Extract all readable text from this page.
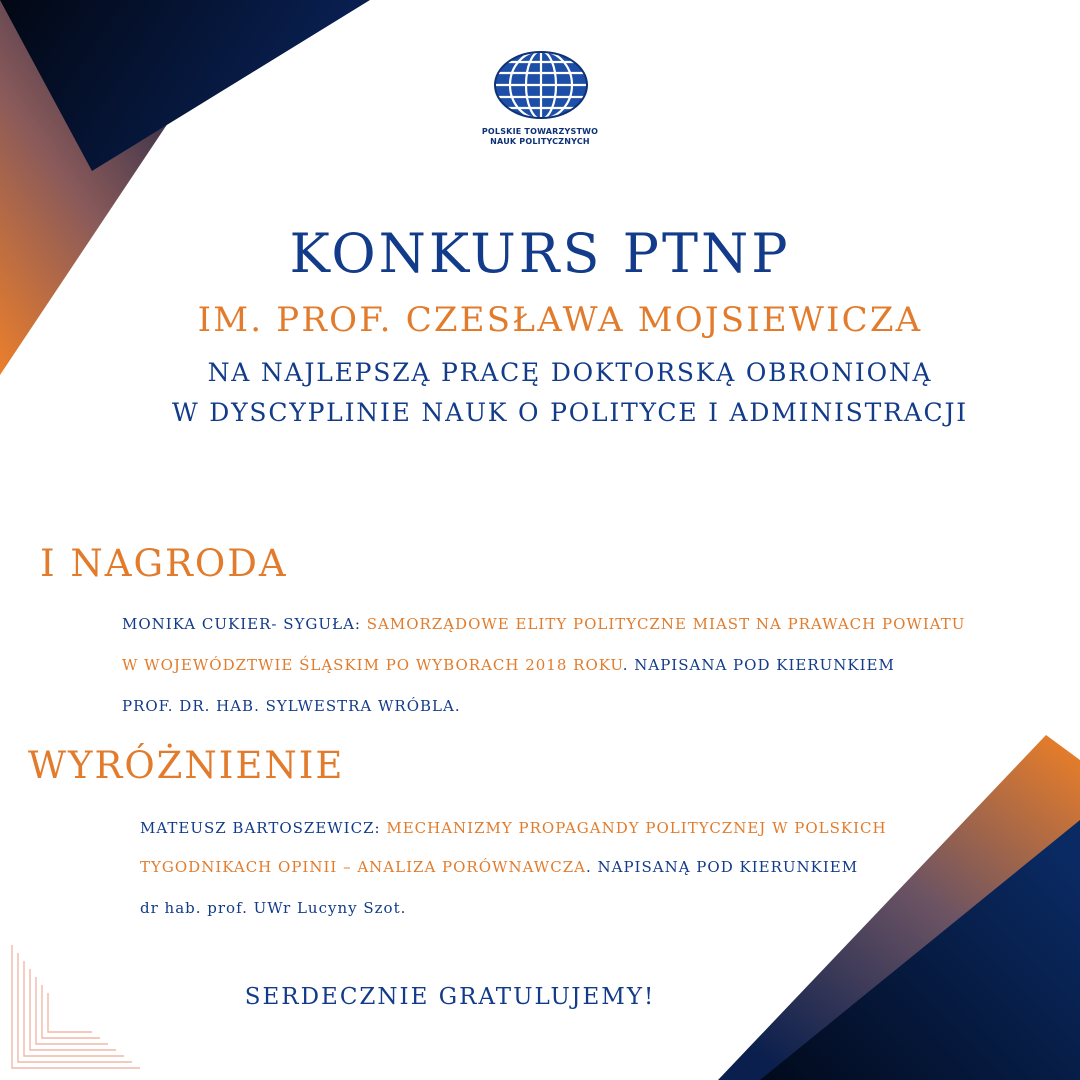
POLSKIE TOWARZYSTWO
NAUK POLITYCZNYCH
KONKURS PTNP
IM. PROF. CZESŁAWA MOJSIEWICZA
NA NAJLEPSZĄ PRACĘ DOKTORSKĄ OBRONIONĄ
W DYSCYPLINIE NAUK O POLITYCE I ADMINISTRACJI
I NAGRODA
MONIKA CUKIER- SYGUŁA: SAMORZĄDOWE ELITY POLITYCZNE MIAST NA PRAWACH POWIATU
W WOJEWÓDZTWIE ŚLĄSKIM PO WYBORACH 2018 ROKU. NAPISANA POD KIERUNKIEM
PROF. DR. HAB. SYLWESTRA WRÓBLA.
WYRÓŻNIENIE
MATEUSZ BARTOSZEWICZ: MECHANIZMY PROPAGANDY POLITYCZNEJ W POLSKICH
TYGODNIKACH OPINII – ANALIZA PORÓWNAWCZA. NAPISANĄ POD KIERUNKIEM
dr hab. prof. UWr Lucyny Szot.
SERDECZNIE GRATULUJEMY!
